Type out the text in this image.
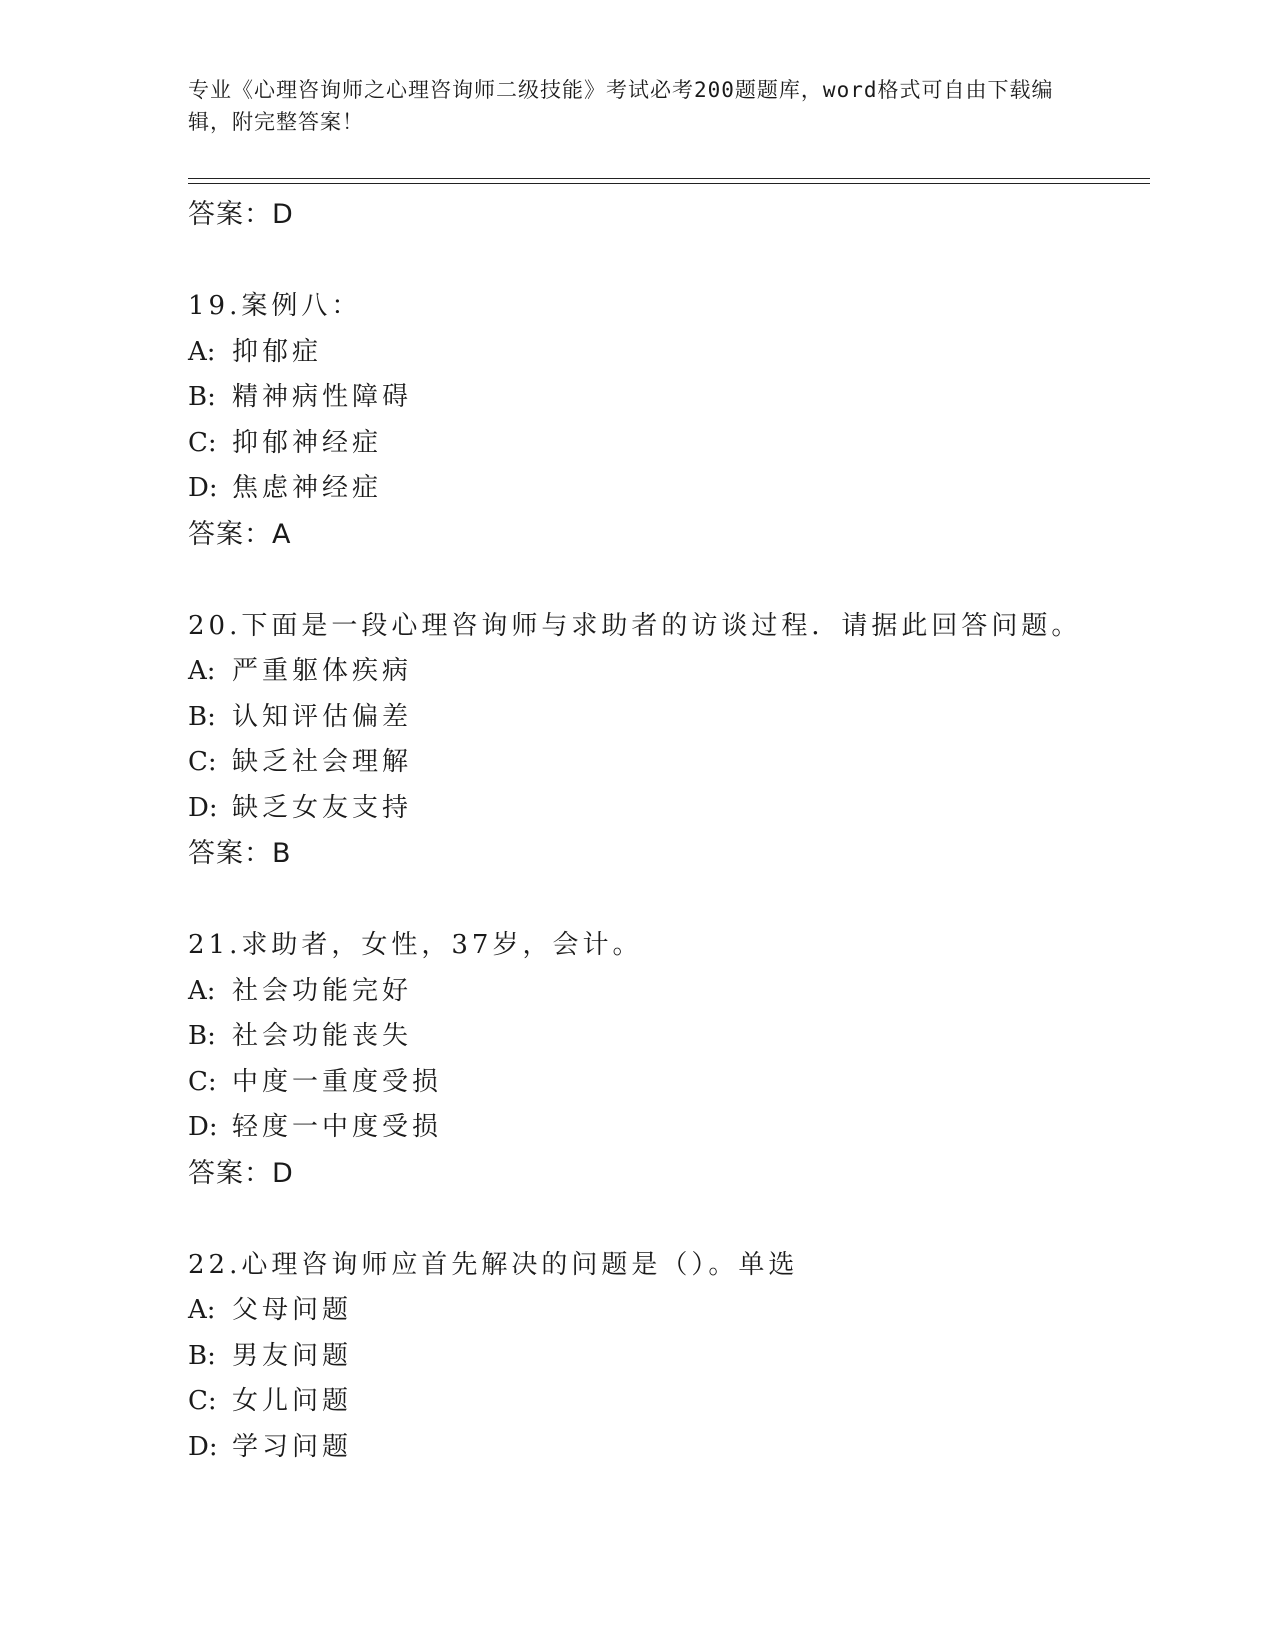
专业《心理咨询师之心理咨询师二级技能》考试必考200题题库，word格式可自由下载编辑，附完整答案！
答案：D
19.案例八：
A: 抑郁症
B: 精神病性障碍
C: 抑郁神经症
D: 焦虑神经症
答案：A
20.下面是一段心理咨询师与求助者的访谈过程．请据此回答问题。
A: 严重躯体疾病
B: 认知评估偏差
C: 缺乏社会理解
D: 缺乏女友支持
答案：B
21.求助者，女性，37岁，会计。
A: 社会功能完好
B: 社会功能丧失
C: 中度一重度受损
D: 轻度一中度受损
答案：D
22.心理咨询师应首先解决的问题是（）。单选
A: 父母问题
B: 男友问题
C: 女儿问题
D: 学习问题
